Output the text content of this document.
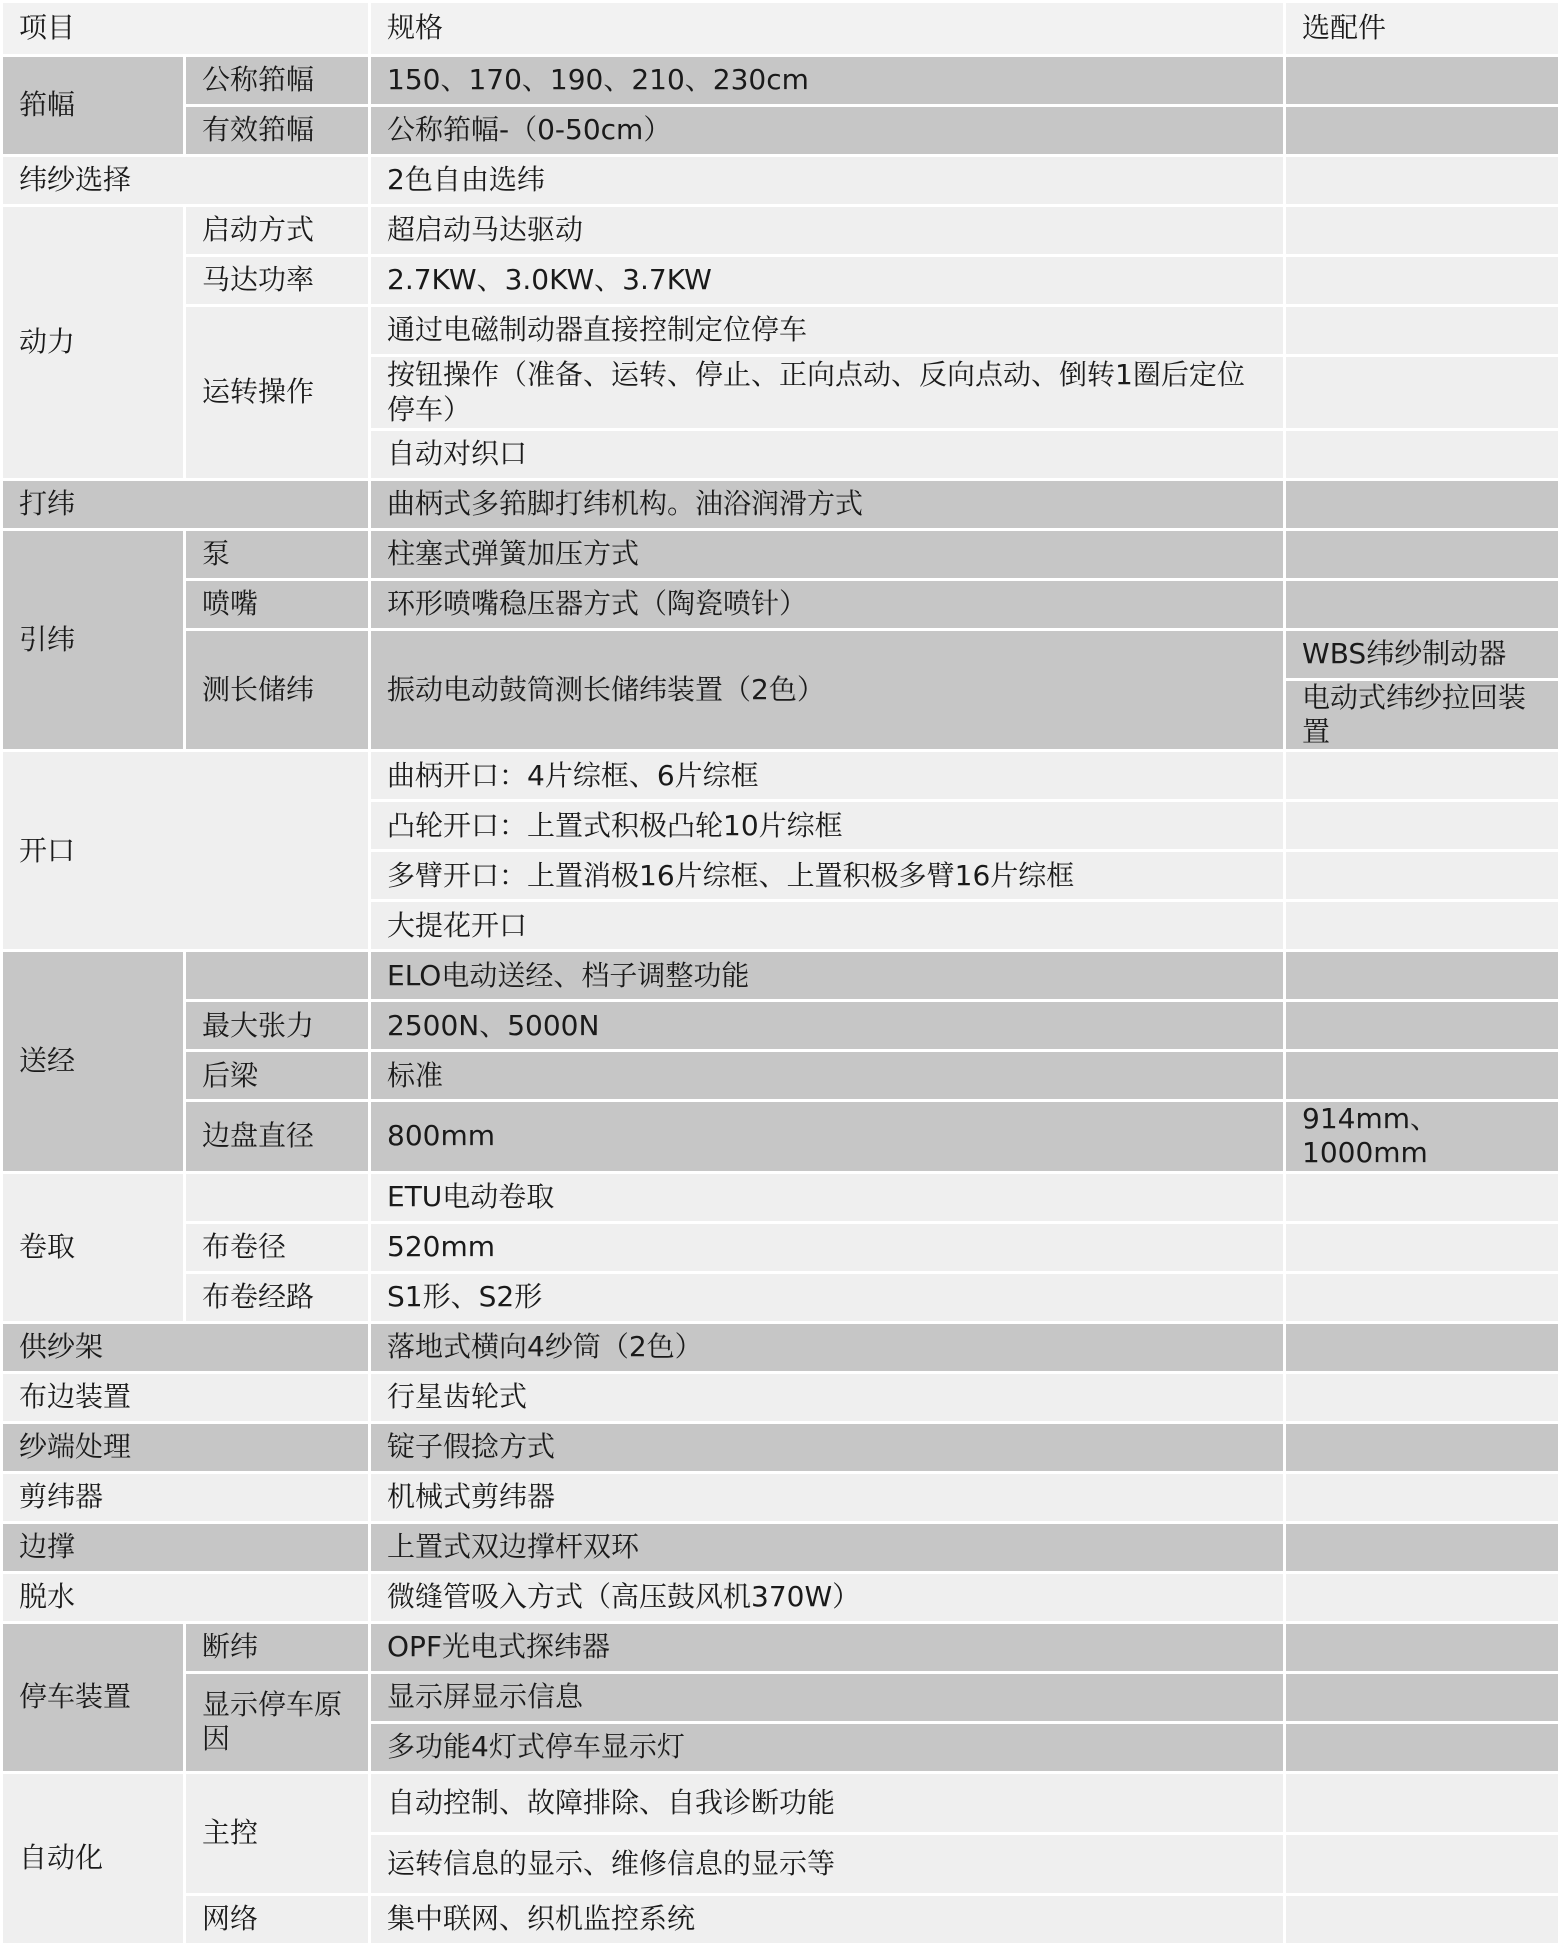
项目		规格	选配件
筘幅	公称筘幅	150、170、190、210、230cm	
	有效筘幅	公称筘幅-（0-50cm）	
纬纱选择		2色自由选纬	
动力	启动方式	超启动马达驱动	
	马达功率	2.7KW、3.0KW、3.7KW	
	运转操作	通过电磁制动器直接控制定位停车	
		按钮操作（准备、运转、停止、正向点动、反向点动、倒转1圈后定位停车）	
		自动对织口	
打纬		曲柄式多筘脚打纬机构。油浴润滑方式	
引纬	泵	柱塞式弹簧加压方式	
	喷嘴	环形喷嘴稳压器方式（陶瓷喷针）	
	测长储纬	振动电动鼓筒测长储纬装置（2色）	WBS纬纱制动器
			电动式纬纱拉回装置
开口		曲柄开口：4片综框、6片综框	
		凸轮开口：上置式积极凸轮10片综框	
		多臂开口：上置消极16片综框、上置积极多臂16片综框	
		大提花开口	
送经		ELO电动送经、档子调整功能	
	最大张力	2500N、5000N	
	后梁	标准	
	边盘直径	800mm	914mm、1000mm
卷取		ETU电动卷取	
	布卷径	520mm	
	布卷经路	S1形、S2形	
供纱架		落地式横向4纱筒（2色）	
布边装置		行星齿轮式	
纱端处理		锭子假捻方式	
剪纬器		机械式剪纬器	
边撑		上置式双边撑杆双环	
脱水		微缝管吸入方式（高压鼓风机370W）	
停车装置	断纬	OPF光电式探纬器	
	显示停车原因	显示屏显示信息	
		多功能4灯式停车显示灯	
自动化	主控	自动控制、故障排除、自我诊断功能	
		运转信息的显示、维修信息的显示等	
	网络	集中联网、织机监控系统	
